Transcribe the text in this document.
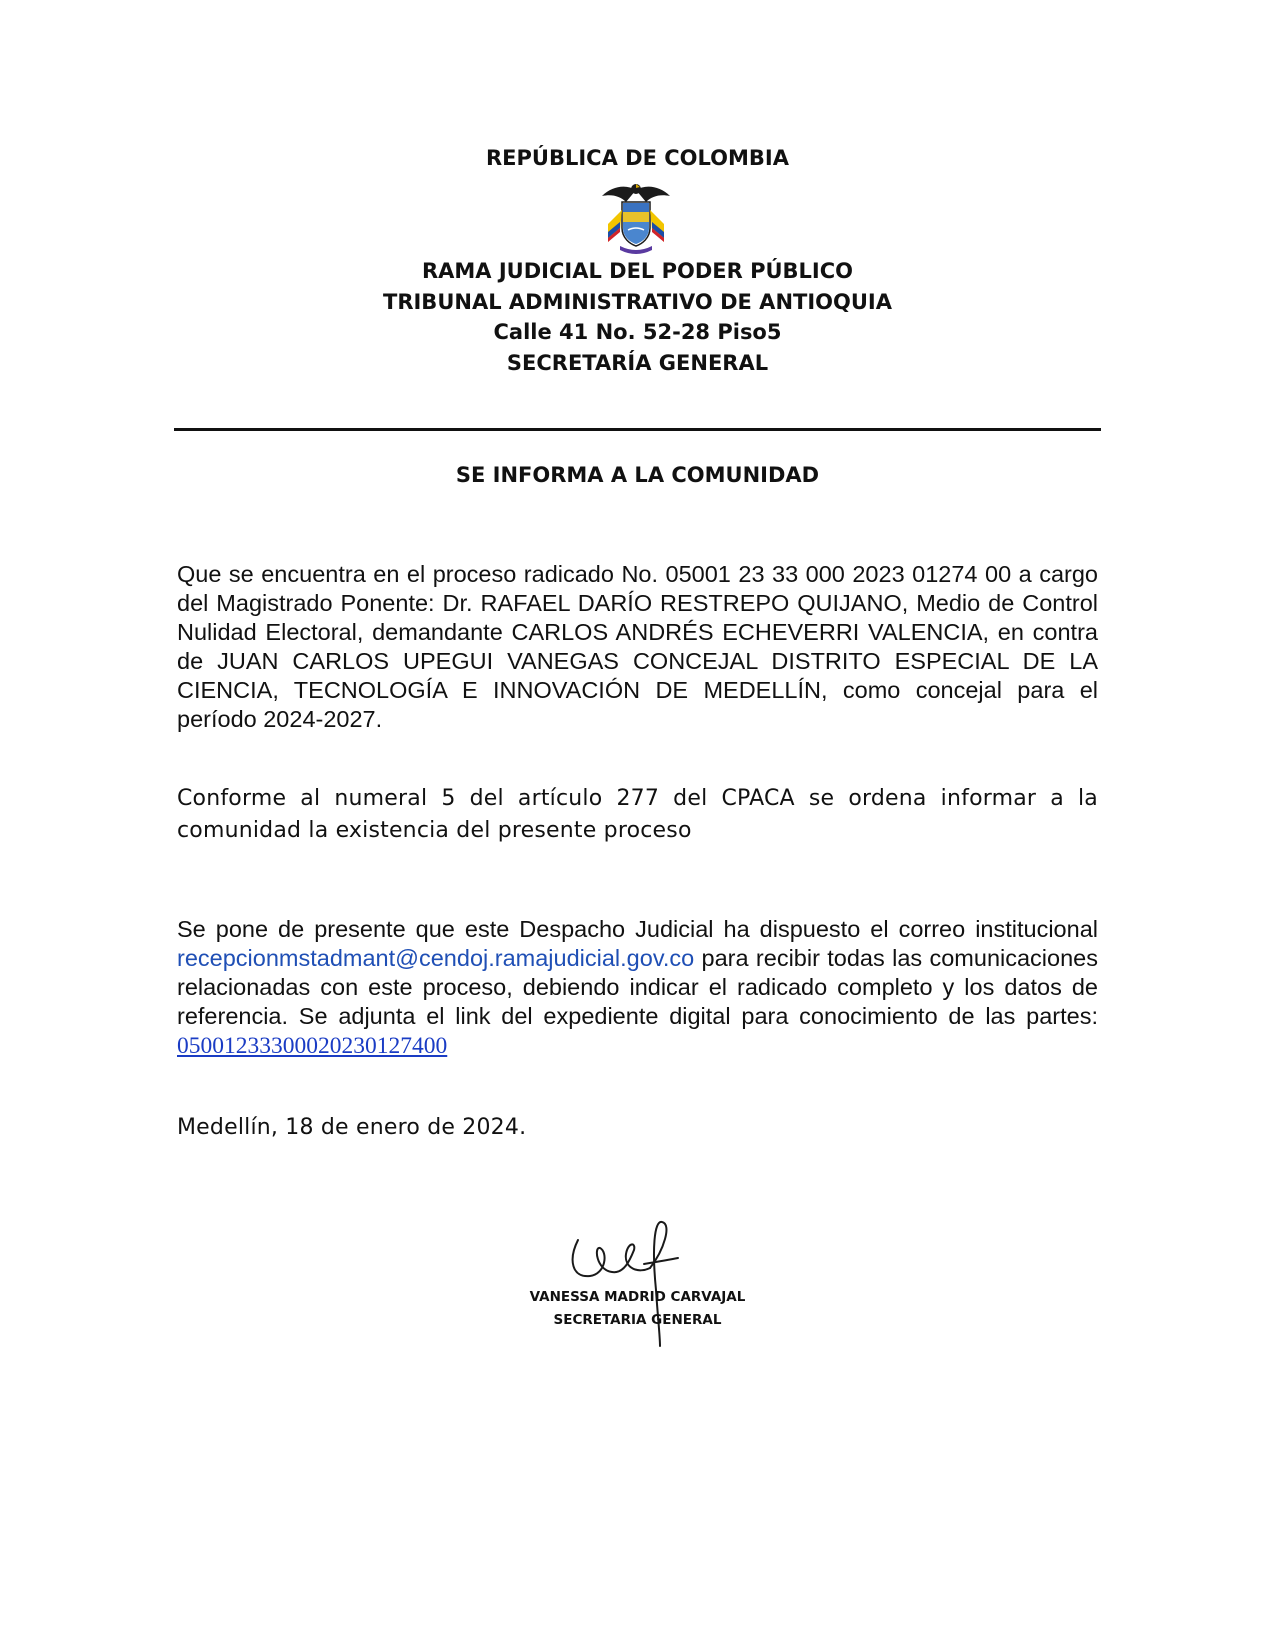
REPÚBLICA DE COLOMBIA
RAMA JUDICIAL DEL PODER PÚBLICO
TRIBUNAL ADMINISTRATIVO DE ANTIOQUIA
Calle 41 No. 52-28 Piso5
SECRETARÍA GENERAL
SE INFORMA A LA COMUNIDAD
Que se encuentra en el proceso radicado No. 05001 23 33 000 2023 01274 00 a cargo del Magistrado Ponente: Dr. RAFAEL DARÍO RESTREPO QUIJANO, Medio de Control Nulidad Electoral, demandante CARLOS ANDRÉS ECHEVERRI VALENCIA, en contra de JUAN CARLOS UPEGUI VANEGAS CONCEJAL DISTRITO ESPECIAL DE LA CIENCIA, TECNOLOGÍA E INNOVACIÓN DE MEDELLÍN, como concejal para el período 2024-2027.
Conforme al numeral 5 del artículo 277 del CPACA se ordena informar a la comunidad la existencia del presente proceso
Se pone de presente que este Despacho Judicial ha dispuesto el correo institucional recepcionmstadmant@cendoj.ramajudicial.gov.co para recibir todas las comunicaciones relacionadas con este proceso, debiendo indicar el radicado completo y los datos de referencia. Se adjunta el link del expediente digital para conocimiento de las partes: 05001233300020230127400
Medellín, 18 de enero de 2024.
VANESSA MADRID CARVAJAL
SECRETARIA GENERAL
